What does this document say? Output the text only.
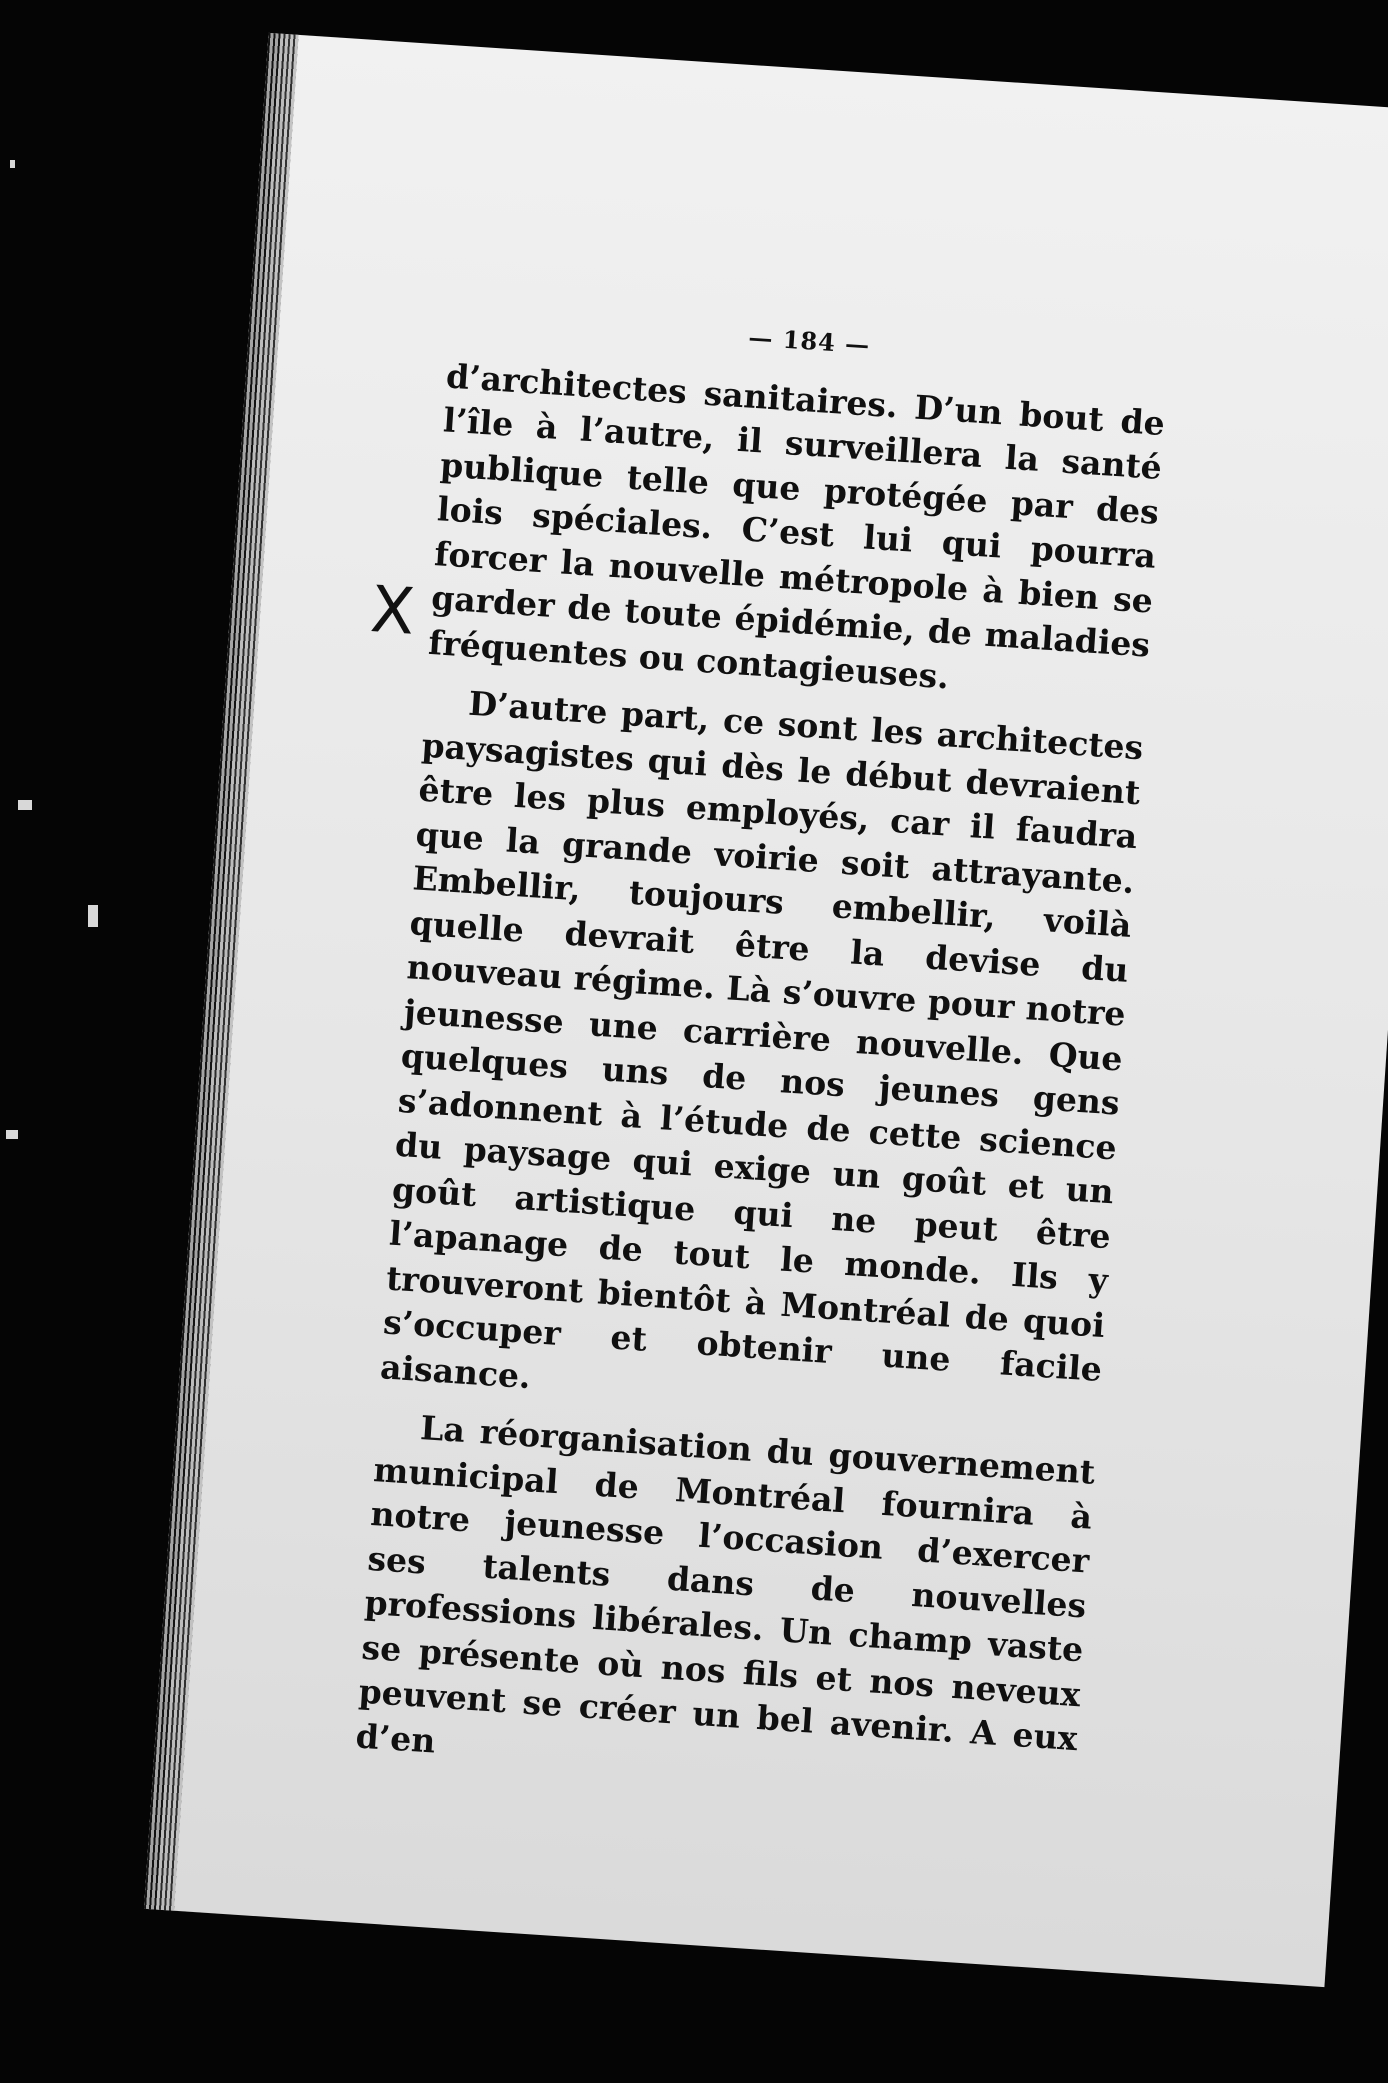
X
— 184 —

d’architectes sanitaires. D’un bout de l’île à l’autre, il surveillera la santé publique telle que protégée par des lois spéciales. C’est lui qui pourra forcer la nouvelle métropole à bien se garder de toute épidémie, de maladies fréquentes ou contagieuses.

D’autre part, ce sont les architectes paysagistes qui dès le début devraient être les plus employés, car il faudra que la grande voirie soit attrayante. Embellir, toujours embellir, voilà quelle devrait être la devise du nouveau régime. Là s’ouvre pour notre jeunesse une carrière nouvelle. Que quelques uns de nos jeunes gens s’adonnent à l’étude de cette science du paysage qui exige un goût et un goût artistique qui ne peut être l’apanage de tout le monde. Ils y trouveront bientôt à Montréal de quoi s’occuper et obtenir une facile aisance.

La réorganisation du gouvernement municipal de Montréal fournira à notre jeunesse l’occasion d’exercer ses talents dans de nouvelles professions libérales. Un champ vaste se présente où nos fils et nos neveux peuvent se créer un bel avenir. A eux d’en
